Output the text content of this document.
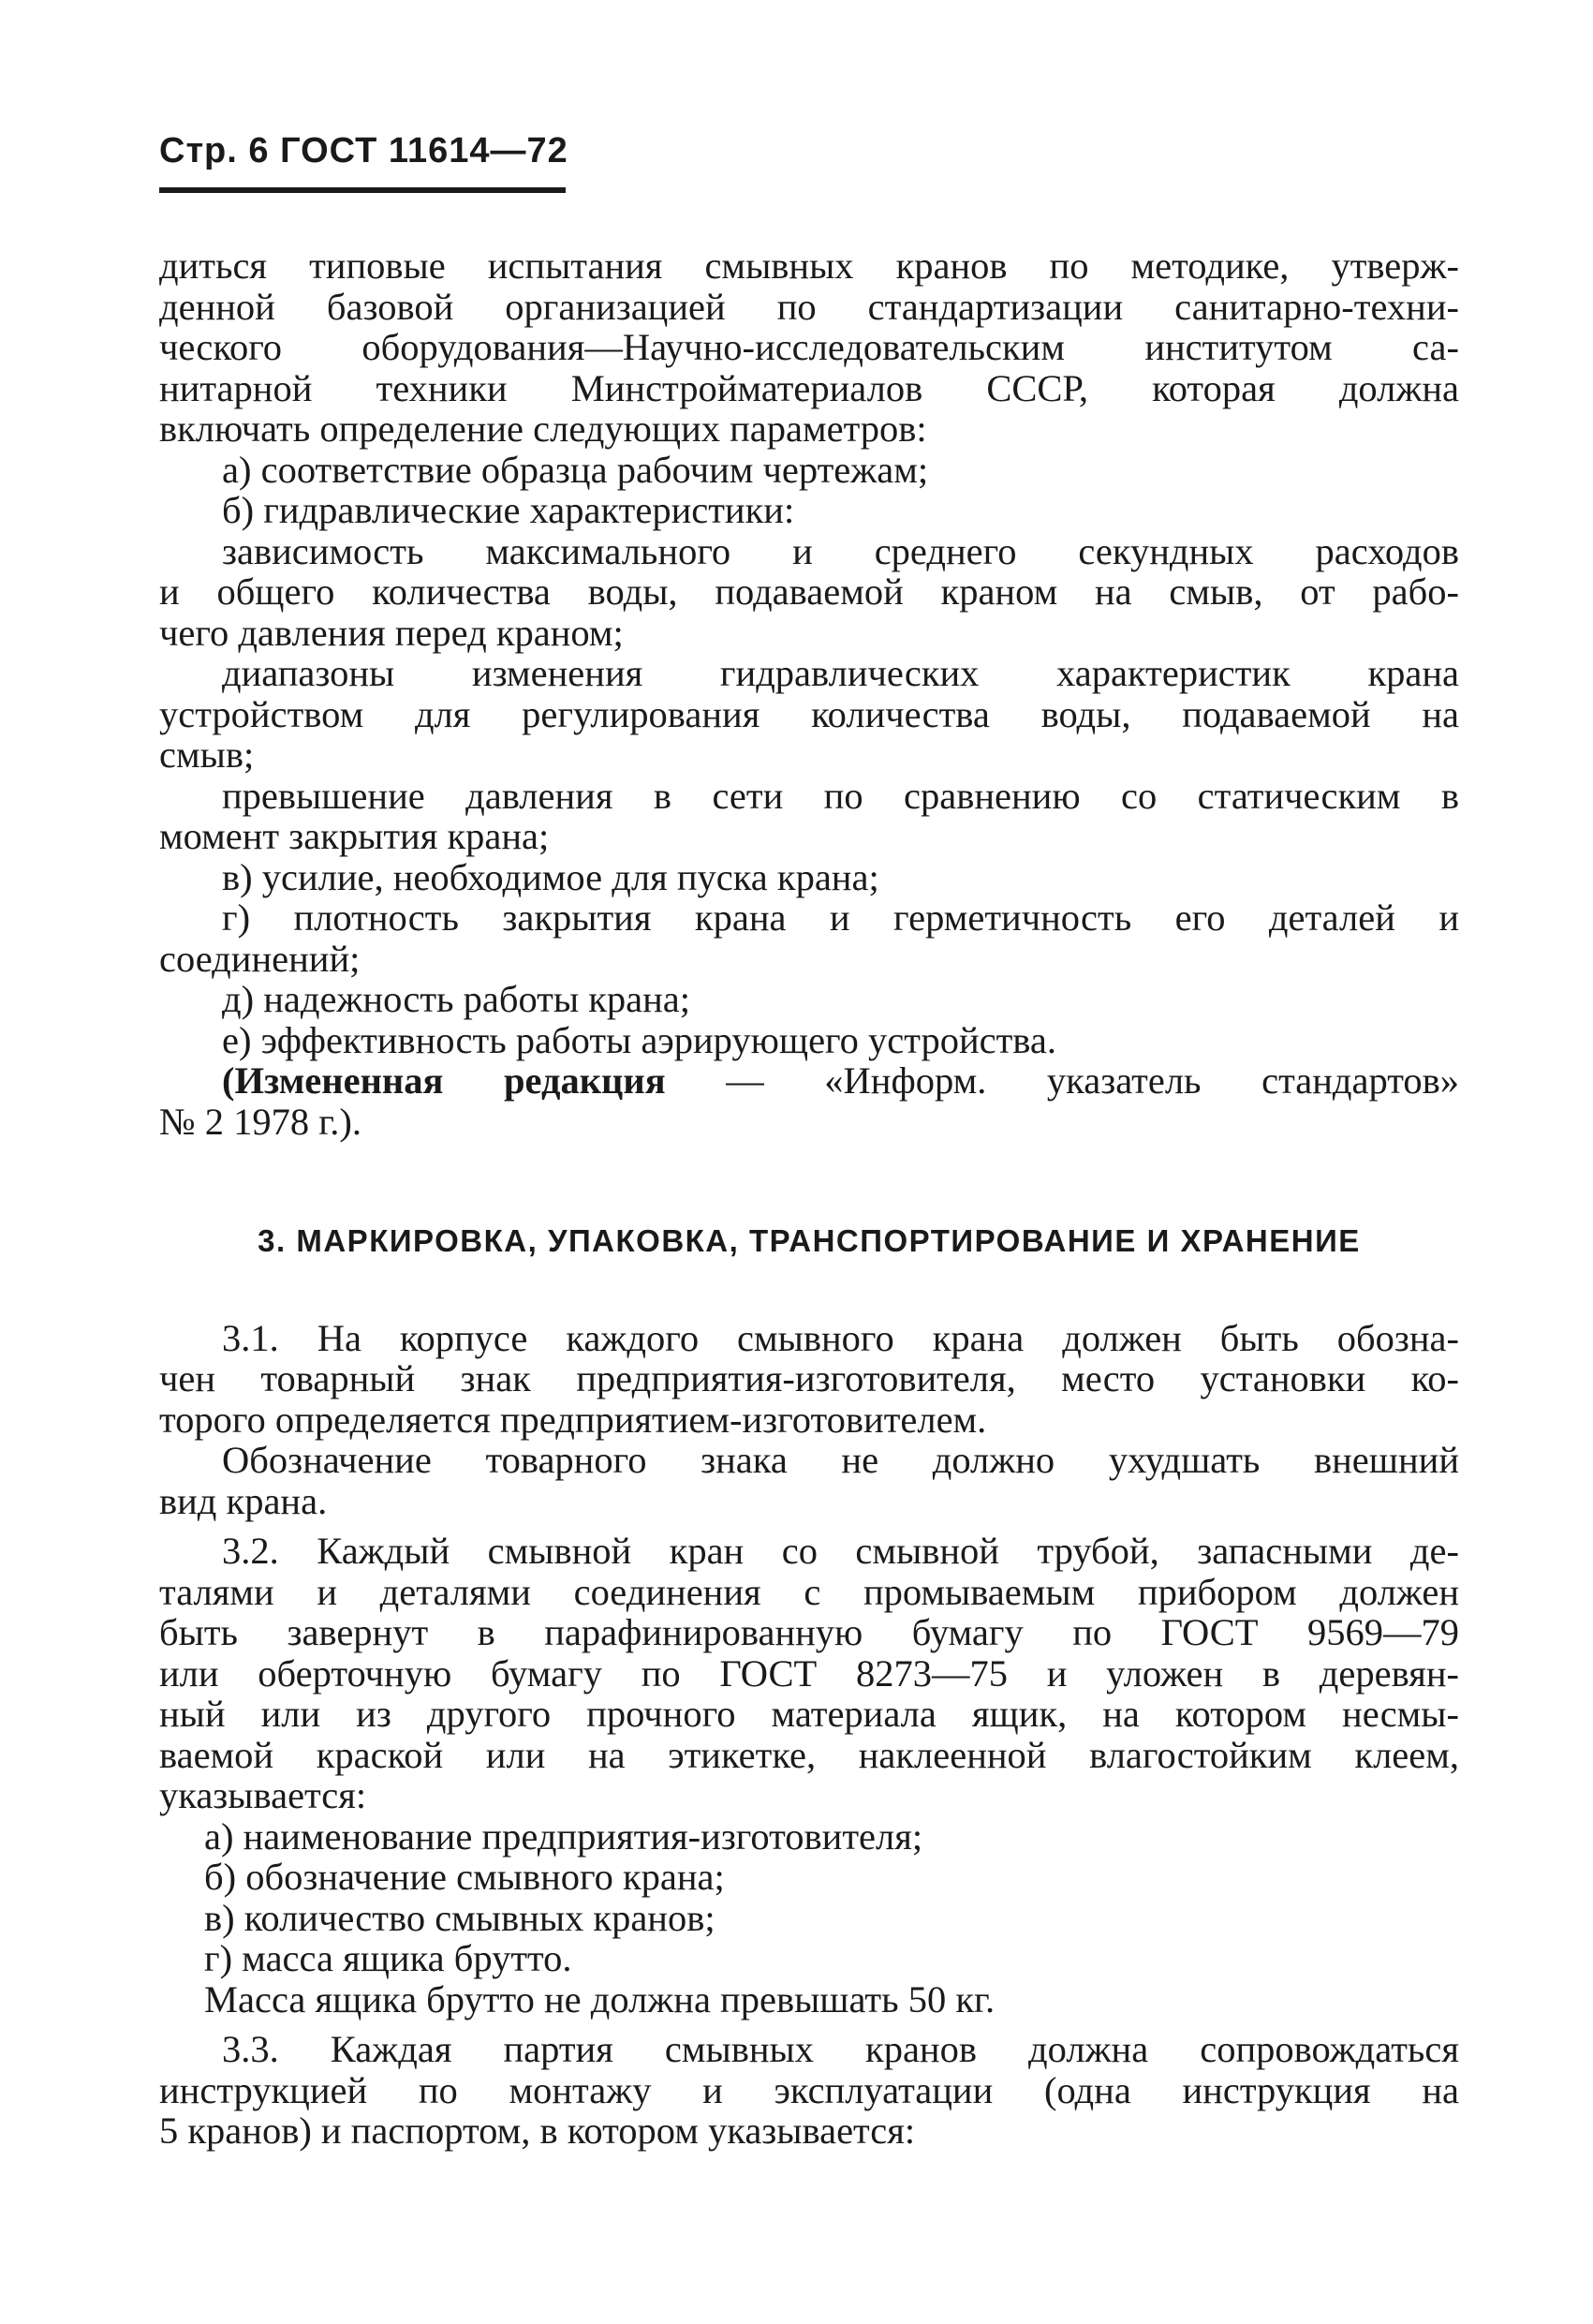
Стр. 6 ГОСТ 11614—72
диться типовые испытания смывных кранов по методике, утверж-
денной базовой организацией по стандартизации санитарно-техни-
ческого оборудования—Научно-исследовательским институтом са-
нитарной техники Минстройматериалов СССР, которая должна
включать определение следующих параметров:
а) соответствие образца рабочим чертежам;
б) гидравлические характеристики:
зависимость максимального и среднего секундных расходов
и общего количества воды, подаваемой краном на смыв, от рабо-
чего давления перед краном;
диапазоны изменения гидравлических характеристик крана
устройством для регулирования количества воды, подаваемой на
смыв;
превышение давления в сети по сравнению со статическим в
момент закрытия крана;
в) усилие, необходимое для пуска крана;
г) плотность закрытия крана и герметичность его деталей и
соединений;
д) надежность работы крана;
е) эффективность работы аэрирующего устройства.
(Измененная редакция — «Информ. указатель стандартов»
№ 2 1978 г.).
3. МАРКИРОВКА, УПАКОВКА, ТРАНСПОРТИРОВАНИЕ И ХРАНЕНИЕ
3.1. На корпусе каждого смывного крана должен быть обозна-
чен товарный знак предприятия-изготовителя, место установки ко-
торого определяется предприятием-изготовителем.
Обозначение товарного знака не должно ухудшать внешний
вид крана.
3.2. Каждый смывной кран со смывной трубой, запасными де-
талями и деталями соединения с промываемым прибором должен
быть завернут в парафинированную бумагу по ГОСТ 9569—79
или оберточную бумагу по ГОСТ 8273—75 и уложен в деревян-
ный или из другого прочного материала ящик, на котором несмы-
ваемой краской или на этикетке, наклеенной влагостойким клеем,
указывается:
а) наименование предприятия-изготовителя;
б) обозначение смывного крана;
в) количество смывных кранов;
г) масса ящика брутто.
Масса ящика брутто не должна превышать 50 кг.
3.3. Каждая партия смывных кранов должна сопровождаться
инструкцией по монтажу и эксплуатации (одна инструкция на
5 кранов) и паспортом, в котором указывается:
